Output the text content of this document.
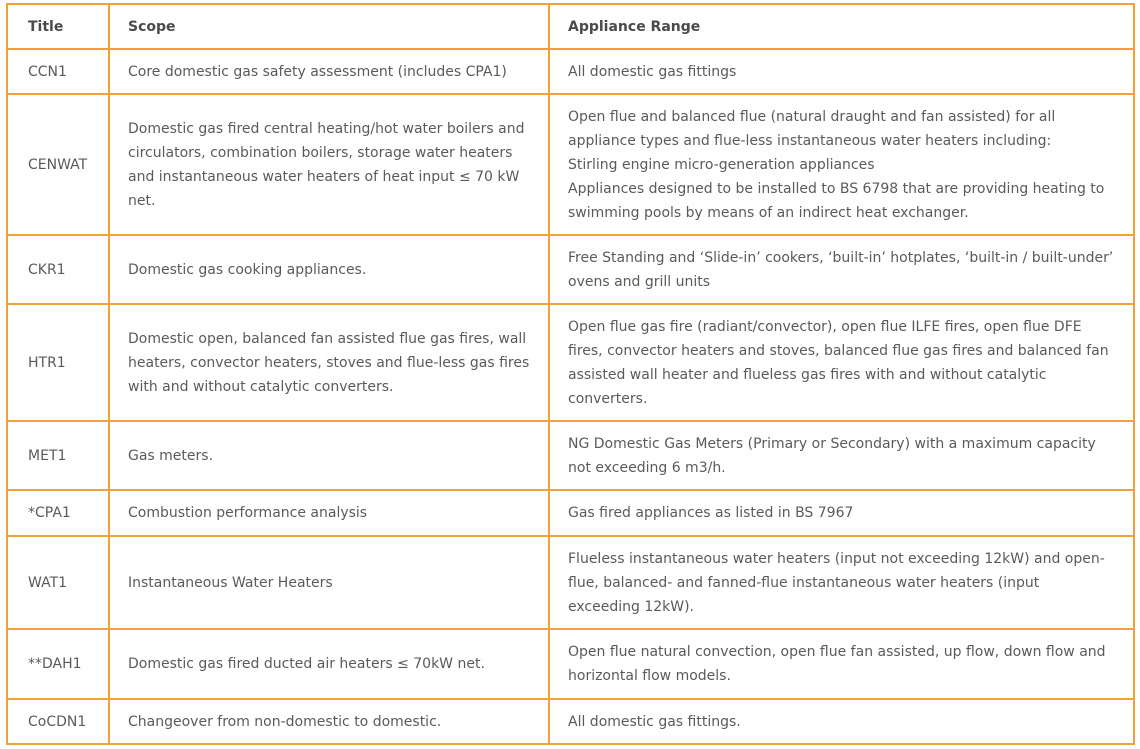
Title	Scope	Appliance Range
CCN1	Core domestic gas safety assessment (includes CPA1)	All domestic gas fittings
CENWAT	Domestic gas fired central heating/hot water boilers and circulators, combination boilers, storage water heaters and instantaneous water heaters of heat input ≤ 70 kW net.	Open flue and balanced flue (natural draught and fan assisted) for all appliance types and flue-less instantaneous water heaters including:
Stirling engine micro-generation appliances
Appliances designed to be installed to BS 6798 that are providing heating to swimming pools by means of an indirect heat exchanger.
CKR1	Domestic gas cooking appliances.	Free Standing and ‘Slide-in’ cookers, ‘built-in’ hotplates, ‘built-in / built-under’ ovens and grill units
HTR1	Domestic open, balanced fan assisted flue gas fires, wall heaters, convector heaters, stoves and flue-less gas fires with and without catalytic converters.	Open flue gas fire (radiant/convector), open flue ILFE fires, open flue DFE fires, convector heaters and stoves, balanced flue gas fires and balanced fan assisted wall heater and flueless gas fires with and without catalytic converters.
MET1	Gas meters.	NG Domestic Gas Meters (Primary or Secondary) with a maximum capacity not exceeding 6 m3/h.
*CPA1	Combustion performance analysis	Gas fired appliances as listed in BS 7967
WAT1	Instantaneous Water Heaters	Flueless instantaneous water heaters (input not exceeding 12kW) and open-flue, balanced- and fanned-flue instantaneous water heaters (input exceeding 12kW).
**DAH1	Domestic gas fired ducted air heaters ≤ 70kW net.	Open flue natural convection, open flue fan assisted, up flow, down flow and horizontal flow models.
CoCDN1	Changeover from non-domestic to domestic.	All domestic gas fittings.
